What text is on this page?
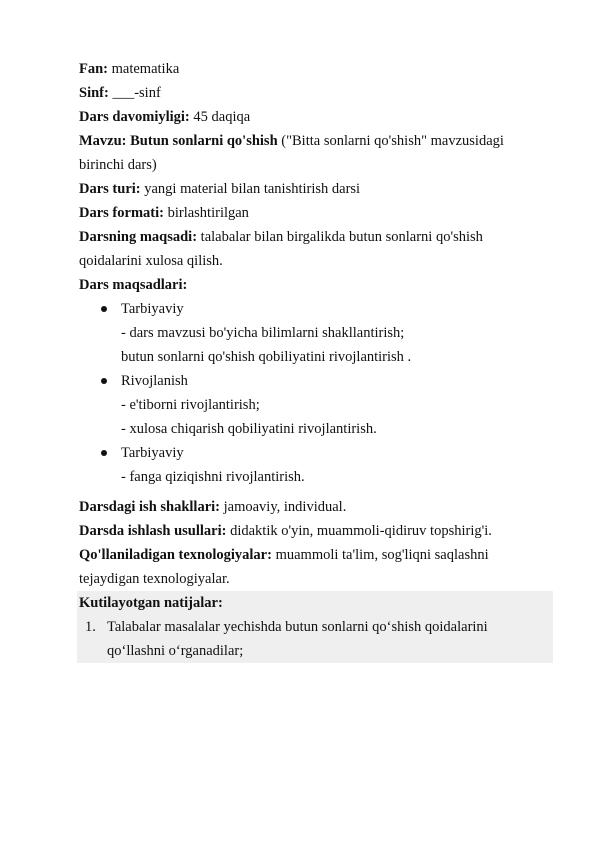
Fan: matematika
Sinf: ___-sinf
Dars davomiyligi: 45 daqiqa
Mavzu: Butun sonlarni qo'shish ("Bitta sonlarni qo'shish" mavzusidagi
birinchi dars)
Dars turi: yangi material bilan tanishtirish darsi
Dars formati: birlashtirilgan
Darsning maqsadi: talabalar bilan birgalikda butun sonlarni qo'shish
qoidalarini xulosa qilish.
Dars maqsadlari:
Tarbiyaviy
- dars mavzusi bo'yicha bilimlarni shakllantirish;
butun sonlarni qo'shish qobiliyatini rivojlantirish .
Rivojlanish
- e'tiborni rivojlantirish;
- xulosa chiqarish qobiliyatini rivojlantirish.
Tarbiyaviy
- fanga qiziqishni rivojlantirish.
Darsdagi ish shakllari: jamoaviy, individual.
Darsda ishlash usullari: didaktik o'yin, muammoli-qidiruv topshirig'i.
Qo'llaniladigan texnologiyalar: muammoli ta'lim, sog'liqni saqlashni
tejaydigan texnologiyalar.
Kutilayotgan natijalar:
1. Talabalar masalalar yechishda butun sonlarni qo‘shish qoidalarini
qo‘llashni o‘rganadilar;
